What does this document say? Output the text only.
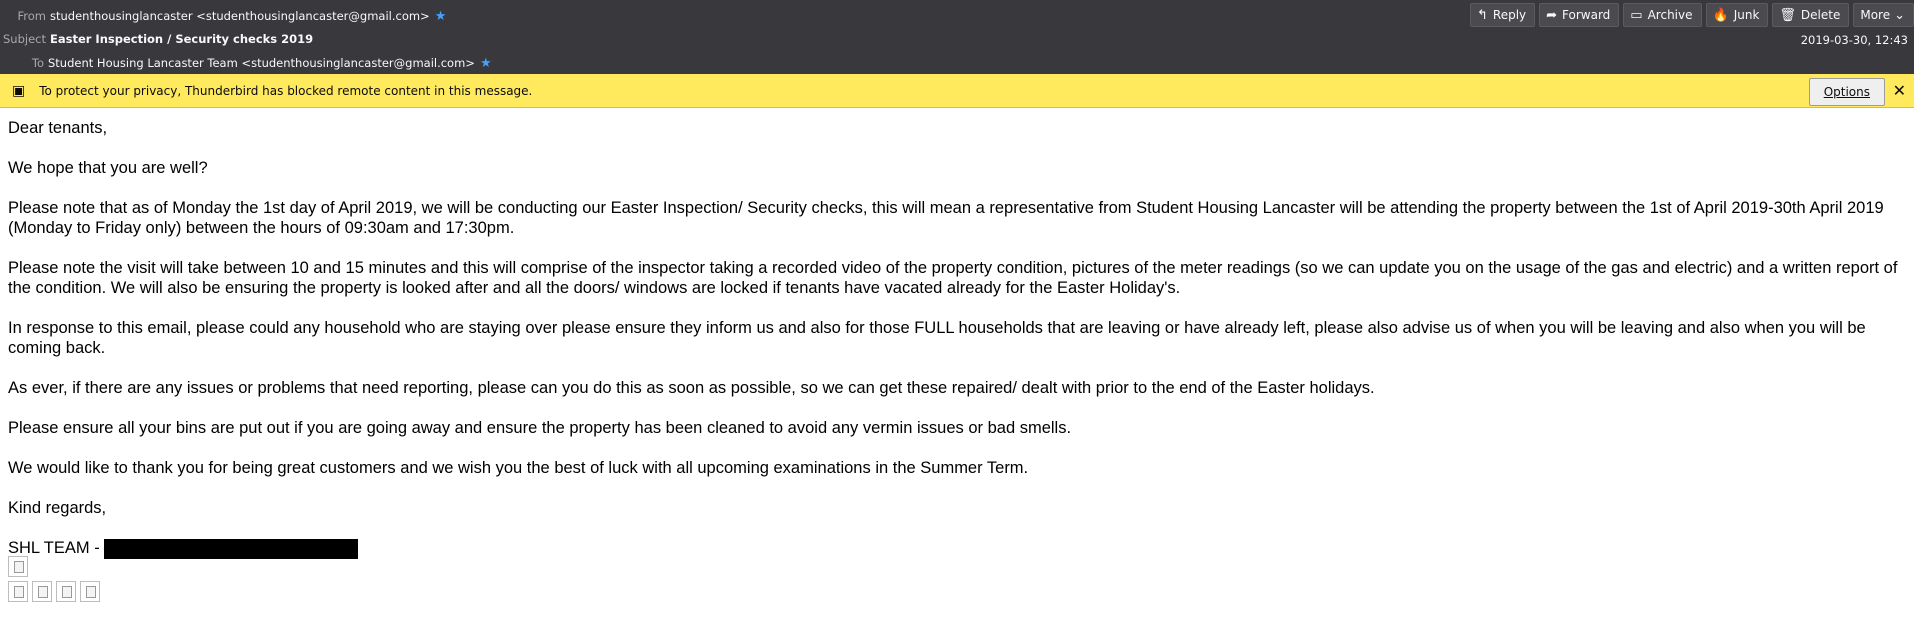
From studenthousinglancaster <studenthousinglancaster@gmail.com> ★
Subject Easter Inspection / Security checks 2019
To Student Housing Lancaster Team <studenthousinglancaster@gmail.com> ★
↰ Reply ➦ Forward ▭ Archive 🔥 Junk 🗑 Delete More ⌄
2019-03-30, 12:43
▣ To protect your privacy, Thunderbird has blocked remote content in this message.	Options	✕

Dear tenants,

We hope that you are well?

Please note that as of Monday the 1st day of April 2019, we will be conducting our Easter Inspection/ Security checks, this will mean a representative from Student Housing Lancaster will be attending the property between the 1st of April 2019-30th April 2019 (Monday to Friday only) between the hours of 09:30am and 17:30pm.

Please note the visit will take between 10 and 15 minutes and this will comprise of the inspector taking a recorded video of the property condition, pictures of the meter readings (so we can update you on the usage of the gas and electric) and a written report of the condition. We will also be ensuring the property is looked after and all the doors/ windows are locked if tenants have vacated already for the Easter Holiday's.

In response to this email, please could any household who are staying over please ensure they inform us and also for those FULL households that are leaving or have already left, please also advise us of when you will be leaving and also when you will be coming back.

As ever, if there are any issues or problems that need reporting, please can you do this as soon as possible, so we can get these repaired/ dealt with prior to the end of the Easter holidays.

Please ensure all your bins are put out if you are going away and ensure the property has been cleaned to avoid any vermin issues or bad smells.

We would like to thank you for being great customers and we wish you the best of luck with all upcoming examinations in the Summer Term.

Kind regards,

SHL TEAM -
